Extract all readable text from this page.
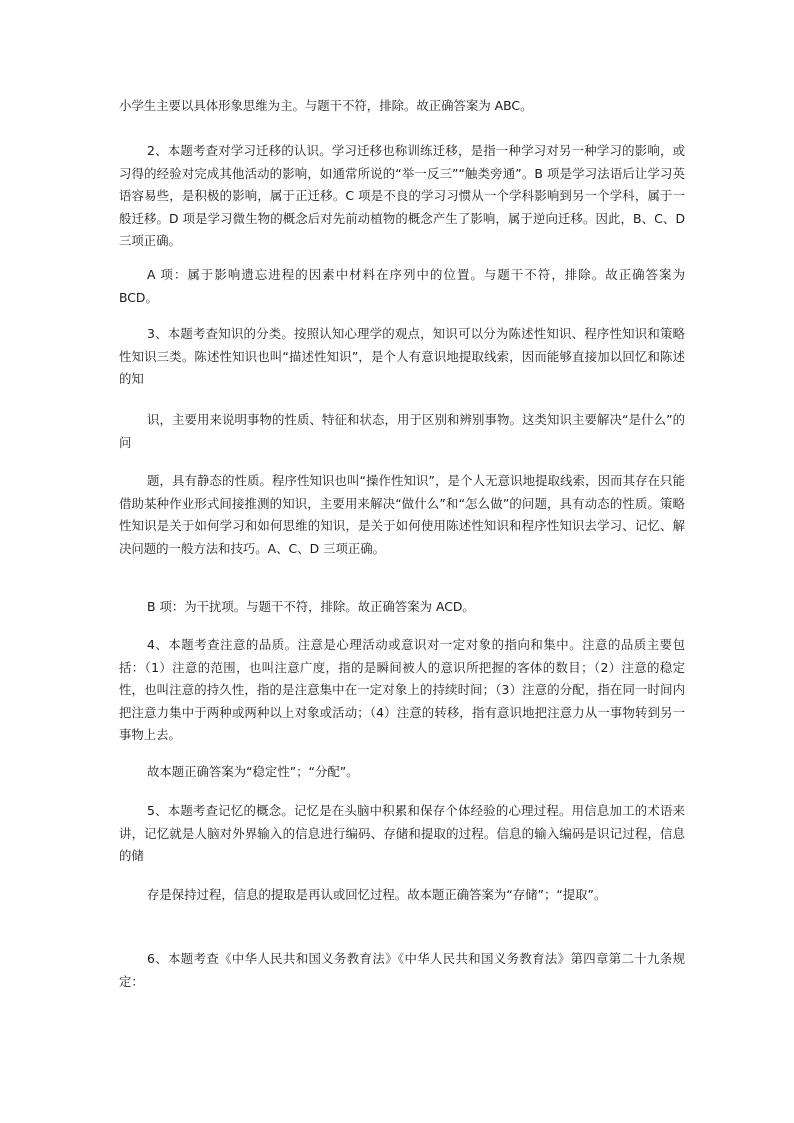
小学生主要以具体形象思维为主。与题干不符，排除。故正确答案为 ABC。

2、本题考查对学习迁移的认识。学习迁移也称训练迁移，是指一种学习对另一种学习的影响，或习得的经验对完成其他活动的影响，如通常所说的“举一反三”“触类旁通”。B 项是学习法语后让学习英语容易些，是积极的影响，属于正迁移。C 项是不良的学习习惯从一个学科影响到另一个学科，属于一般迁移。D 项是学习微生物的概念后对先前动植物的概念产生了影响，属于逆向迁移。因此，B、C、D 三项正确。

A 项：属于影响遗忘进程的因素中材料在序列中的位置。与题干不符，排除。故正确答案为 BCD。

3、本题考查知识的分类。按照认知心理学的观点，知识可以分为陈述性知识、程序性知识和策略性知识三类。陈述性知识也叫“描述性知识”，是个人有意识地提取线索，因而能够直接加以回忆和陈述的知

识，主要用来说明事物的性质、特征和状态，用于区别和辨别事物。这类知识主要解决“是什么”的问

题，具有静态的性质。程序性知识也叫“操作性知识”，是个人无意识地提取线索，因而其存在只能借助某种作业形式间接推测的知识，主要用来解决“做什么”和“怎么做”的问题，具有动态的性质。策略性知识是关于如何学习和如何思维的知识，是关于如何使用陈述性知识和程序性知识去学习、记忆、解决问题的一般方法和技巧。A、C、D 三项正确。

B 项：为干扰项。与题干不符，排除。故正确答案为 ACD。

4、本题考查注意的品质。注意是心理活动或意识对一定对象的指向和集中。注意的品质主要包括：（1）注意的范围，也叫注意广度，指的是瞬间被人的意识所把握的客体的数目；（2）注意的稳定性，也叫注意的持久性，指的是注意集中在一定对象上的持续时间；（3）注意的分配，指在同一时间内把注意力集中于两种或两种以上对象或活动；（4）注意的转移，指有意识地把注意力从一事物转到另一事物上去。

故本题正确答案为“稳定性”；“分配”。

5、本题考查记忆的概念。记忆是在头脑中积累和保存个体经验的心理过程。用信息加工的术语来讲，记忆就是人脑对外界输入的信息进行编码、存储和提取的过程。信息的输入编码是识记过程，信息的储

存是保持过程，信息的提取是再认或回忆过程。故本题正确答案为“存储”；“提取”。

6、本题考查《中华人民共和国义务教育法》《中华人民共和国义务教育法》第四章第二十九条规定：
